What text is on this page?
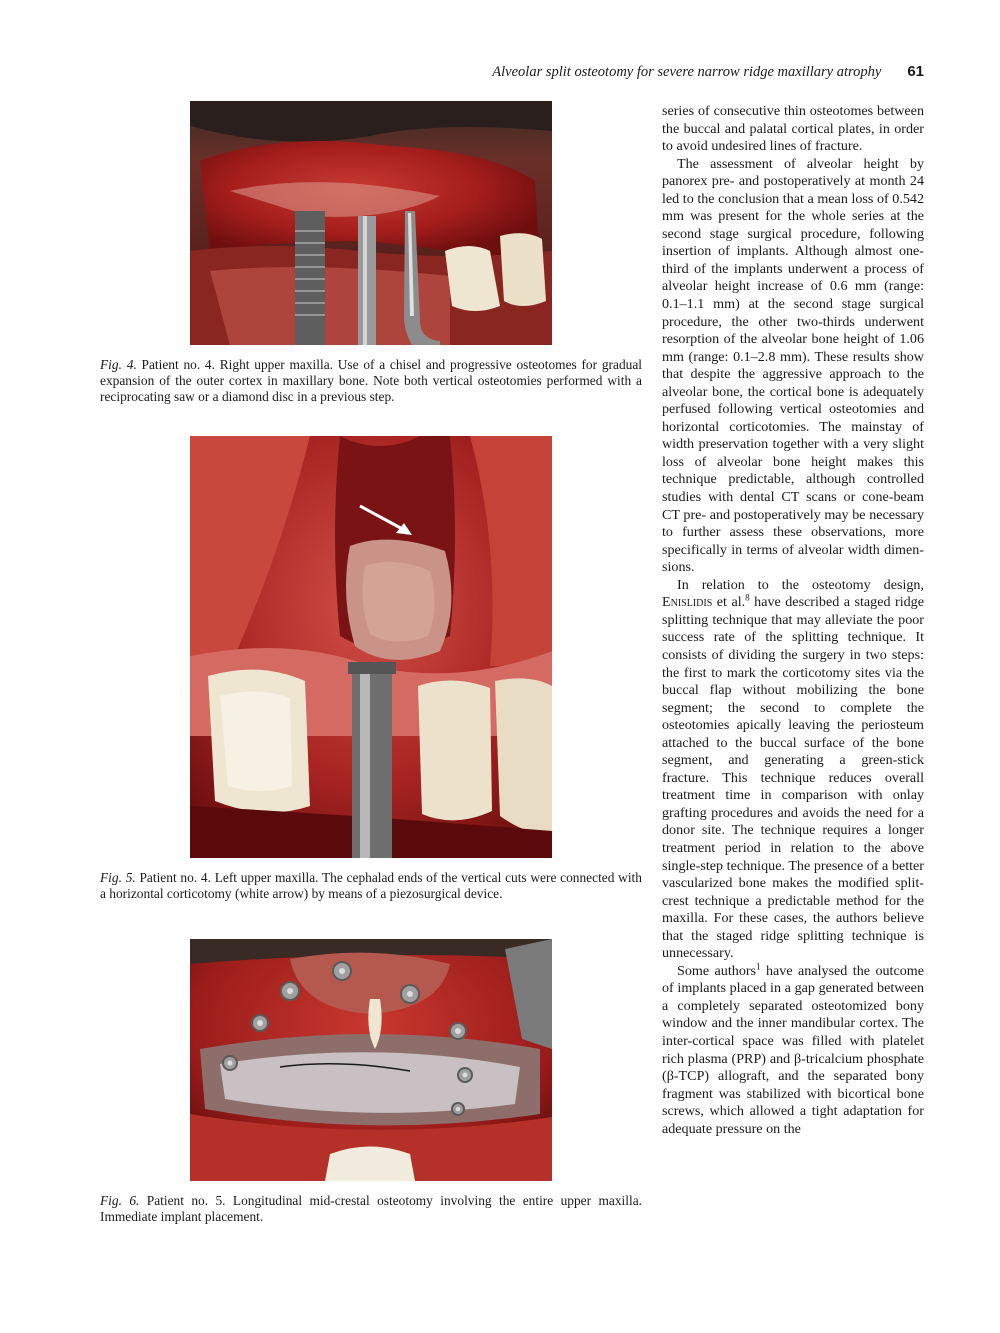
Alveolar split osteotomy for severe narrow ridge maxillary atrophy 61
Fig. 4. Patient no. 4. Right upper maxilla. Use of a chisel and progressive osteotomes for gradual expansion of the outer cortex in maxillary bone. Note both vertical osteotomies performed with a reciprocating saw or a diamond disc in a previous step.
Fig. 5. Patient no. 4. Left upper maxilla. The cephalad ends of the vertical cuts were connected with a horizontal corticotomy (white arrow) by means of a piezosurgical device.
Fig. 6. Patient no. 5. Longitudinal mid-crestal osteotomy involving the entire upper maxilla. Immediate implant placement.

series of consecutive thin osteotomes between the buccal and palatal cortical plates, in order to avoid undesired lines of fracture.

The assessment of alveolar height by panorex pre- and postoperatively at month 24 led to the conclusion that a mean loss of 0.542 mm was present for the whole series at the second stage surgical procedure, following insertion of implants. Although almost one-third of the implants underwent a process of alveolar height increase of 0.6 mm (range: 0.1–1.1 mm) at the second stage surgical procedure, the other two-thirds underwent resorption of the alveolar bone height of 1.06 mm (range: 0.1–2.8 mm). These results show that despite the aggressive approach to the alveolar bone, the cortical bone is adequately perfused following vertical osteotomies and horizontal corticotomies. The mainstay of width preservation together with a very slight loss of alveolar bone height makes this technique predictable, although controlled studies with dental CT scans or cone-beam CT pre- and postoperatively may be necessary to further assess these observations, more specifically in terms of alveolar width dimensions.

In relation to the osteotomy design, Enislidis et al.$^8$ have described a staged ridge splitting technique that may alleviate the poor success rate of the splitting technique. It consists of dividing the surgery in two steps: the first to mark the corticotomy sites via the buccal flap without mobilizing the bone segment; the second to complete the osteotomies apically leaving the periosteum attached to the buccal surface of the bone segment, and generating a green-stick fracture. This technique reduces overall treatment time in comparison with onlay grafting procedures and avoids the need for a donor site. The technique requires a longer treatment period in relation to the above single-step technique. The presence of a better vascularized bone makes the modified split-crest technique a predictable method for the maxilla. For these cases, the authors believe that the staged ridge splitting technique is unnecessary.

Some authors$^1$ have analysed the outcome of implants placed in a gap generated between a completely separated osteotomized bony window and the inner mandibular cortex. The inter-cortical space was filled with platelet rich plasma (PRP) and β-tricalcium phosphate (β-TCP) allograft, and the separated bony fragment was stabilized with bicortical bone screws, which allowed a tight adaptation for adequate pressure on the
